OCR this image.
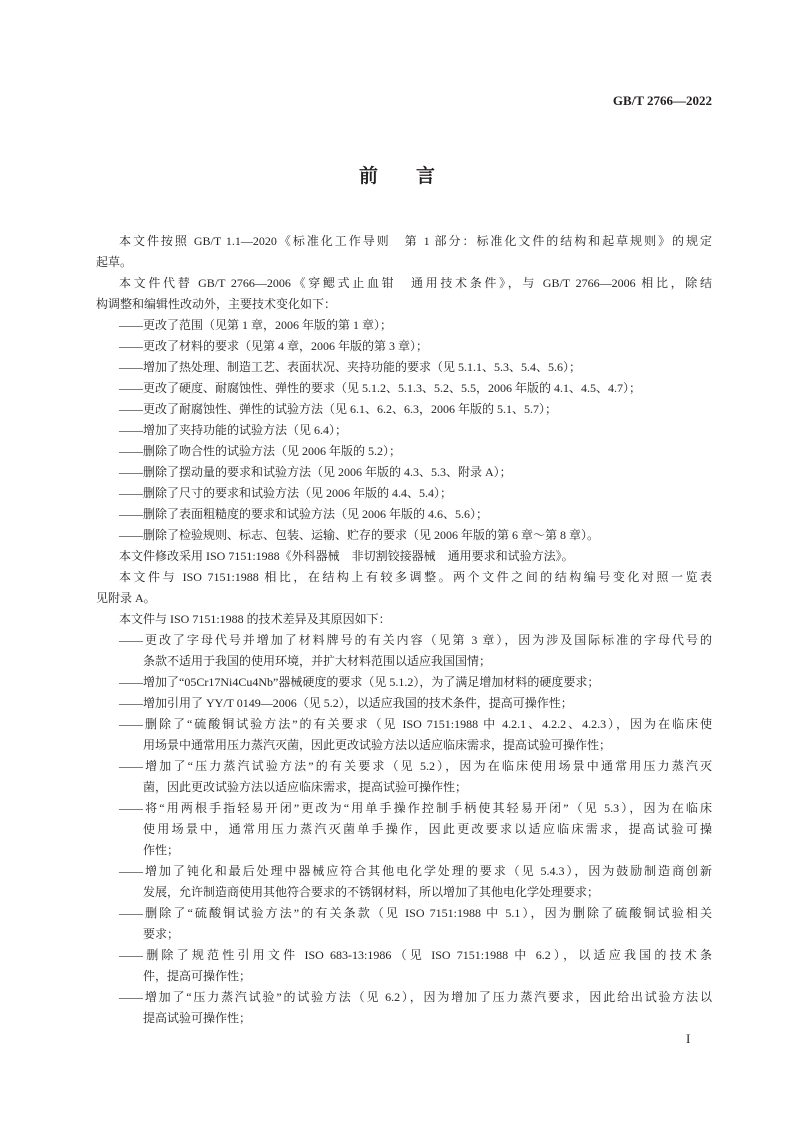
GB/T 2766—2022
前　　言
本文件按照 GB/T 1.1—2020《标准化工作导则　第 1 部分：标准化文件的结构和起草规则》的规定
起草。
本文件代替 GB/T 2766—2006《穿鳃式止血钳　通用技术条件》，与 GB/T 2766—2006 相比，除结
构调整和编辑性改动外，主要技术变化如下：
——更改了范围（见第 1 章，2006 年版的第 1 章）；
——更改了材料的要求（见第 4 章，2006 年版的第 3 章）；
——增加了热处理、制造工艺、表面状况、夹持功能的要求（见 5.1.1、5.3、5.4、5.6）；
——更改了硬度、耐腐蚀性、弹性的要求（见 5.1.2、5.1.3、5.2、5.5，2006 年版的 4.1、4.5、4.7）；
——更改了耐腐蚀性、弹性的试验方法（见 6.1、6.2、6.3，2006 年版的 5.1、5.7）；
——增加了夹持功能的试验方法（见 6.4）；
——删除了吻合性的试验方法（见 2006 年版的 5.2）；
——删除了摆动量的要求和试验方法（见 2006 年版的 4.3、5.3、附录 A）；
——删除了尺寸的要求和试验方法（见 2006 年版的 4.4、5.4）；
——删除了表面粗糙度的要求和试验方法（见 2006 年版的 4.6、5.6）；
——删除了检验规则、标志、包装、运输、贮存的要求（见 2006 年版的第 6 章～第 8 章）。
本文件修改采用 ISO 7151:1988《外科器械　非切割铰接器械　通用要求和试验方法》。
本文件与 ISO 7151:1988 相比，在结构上有较多调整。两个文件之间的结构编号变化对照一览表
见附录 A。
本文件与 ISO 7151:1988 的技术差异及其原因如下：
——更改了字母代号并增加了材料牌号的有关内容（见第 3 章），因为涉及国际标准的字母代号的
条款不适用于我国的使用环境，并扩大材料范围以适应我国国情；
——增加了“05Cr17Ni4Cu4Nb”器械硬度的要求（见 5.1.2），为了满足增加材料的硬度要求；
——增加引用了 YY/T 0149—2006（见 5.2），以适应我国的技术条件，提高可操作性；
——删除了“硫酸铜试验方法”的有关要求（见 ISO 7151:1988 中 4.2.1、4.2.2、4.2.3），因为在临床使
用场景中通常用压力蒸汽灭菌，因此更改试验方法以适应临床需求，提高试验可操作性；
——增加了“压力蒸汽试验方法”的有关要求（见 5.2），因为在临床使用场景中通常用压力蒸汽灭
菌，因此更改试验方法以适应临床需求，提高试验可操作性；
——将“用两根手指轻易开闭”更改为“用单手操作控制手柄使其轻易开闭”（见 5.3），因为在临床
使用场景中，通常用压力蒸汽灭菌单手操作，因此更改要求以适应临床需求，提高试验可操
作性；
——增加了钝化和最后处理中器械应符合其他电化学处理的要求（见 5.4.3），因为鼓励制造商创新
发展，允许制造商使用其他符合要求的不锈钢材料，所以增加了其他电化学处理要求；
——删除了“硫酸铜试验方法”的有关条款（见 ISO 7151:1988 中 5.1），因为删除了硫酸铜试验相关
要求；
——删除了规范性引用文件 ISO 683-13:1986（见 ISO 7151:1988 中 6.2），以适应我国的技术条
件，提高可操作性；
——增加了“压力蒸汽试验”的试验方法（见 6.2），因为增加了压力蒸汽要求，因此给出试验方法以
提高试验可操作性；
I
